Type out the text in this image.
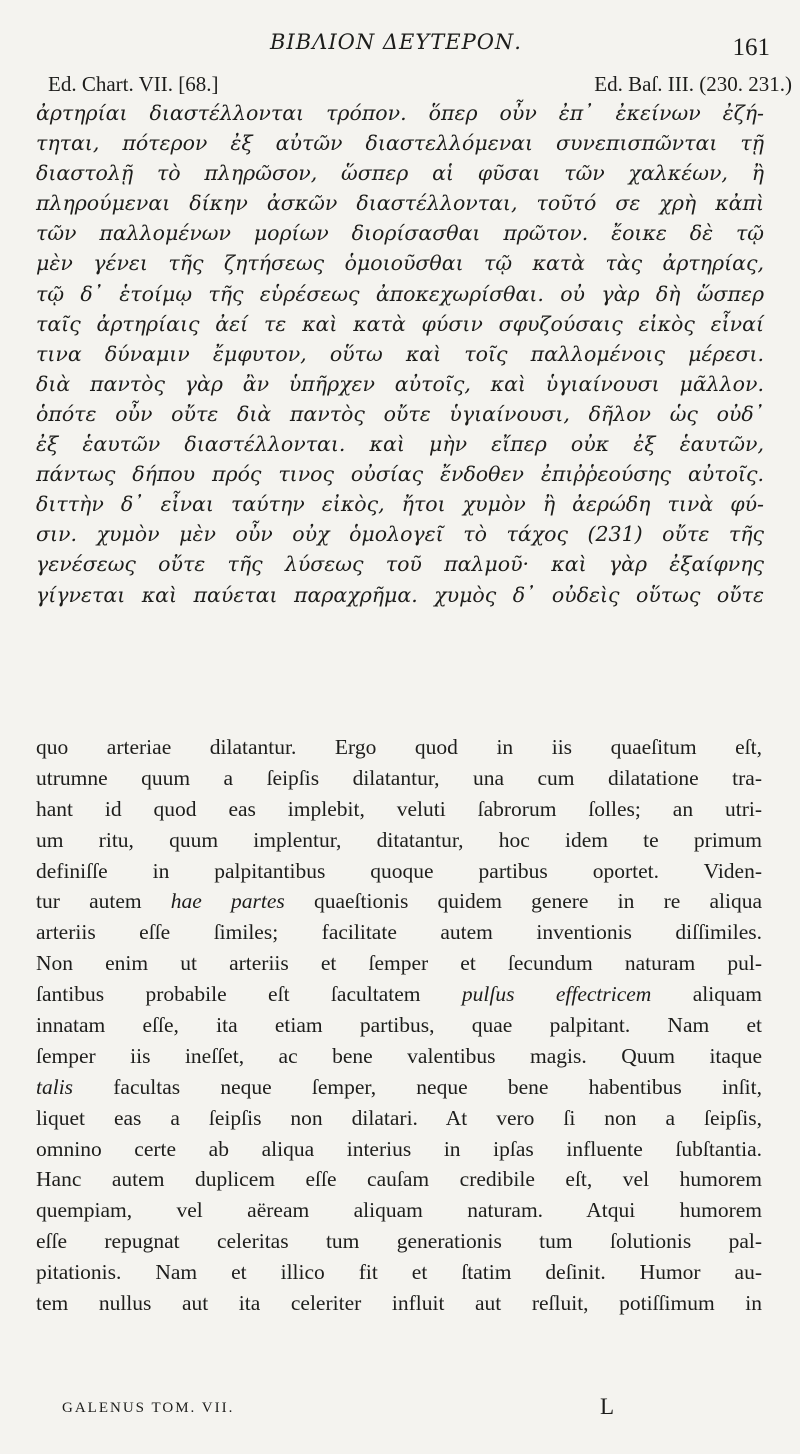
ΒΙΒΛΙΟΝ ΔΕΥΤΕΡΟΝ.	161
Ed. Chart. VII. [68.]	Ed. Baſ. III. (230. 231.)
ἀρτηρίαι διαστέλλονται τρόπον. ὅπερ οὖν ἐπ᾿ ἐκείνων ἐζή-
τηται, πότερον ἐξ αὐτῶν διαστελλόμεναι συνεπισπῶνται τῇ
διαστολῇ τὸ πληρῶσον, ὥσπερ αἱ φῦσαι τῶν χαλκέων, ἢ
πληρούμεναι δίκην ἀσκῶν διαστέλλονται, τοῦτό σε χρὴ κἀπὶ
τῶν παλλομένων μορίων διορίσασθαι πρῶτον. ἔοικε δὲ τῷ
μὲν γένει τῆς ζητήσεως ὁμοιοῦσθαι τῷ κατὰ τὰς ἀρτηρίας,
τῷ δ᾿ ἑτοίμῳ τῆς εὑρέσεως ἀποκεχωρίσθαι. οὐ γὰρ δὴ ὥσπερ
ταῖς ἀρτηρίαις ἀεί τε καὶ κατὰ φύσιν σφυζούσαις εἰκὸς εἶναί
τινα δύναμιν ἔμφυτον, οὕτω καὶ τοῖς παλλομένοις μέρεσι.
διὰ παντὸς γὰρ ἂν ὑπῆρχεν αὐτοῖς, καὶ ὑγιαίνουσι μᾶλλον.
ὁπότε οὖν οὔτε διὰ παντὸς οὔτε ὑγιαίνουσι, δῆλον ὡς οὐδ᾿
ἐξ ἑαυτῶν διαστέλλονται. καὶ μὴν εἴπερ οὐκ ἐξ ἑαυτῶν,
πάντως δήπου πρός τινος οὐσίας ἔνδοθεν ἐπιῤῥεούσης αὐτοῖς.
διττὴν δ᾿ εἶναι ταύτην εἰκὸς, ἤτοι χυμὸν ἢ ἀερώδη τινὰ φύ-
σιν. χυμὸν μὲν οὖν οὐχ ὁμολογεῖ τὸ τάχος (231) οὔτε τῆς
γενέσεως οὔτε τῆς λύσεως τοῦ παλμοῦ· καὶ γὰρ ἐξαίφνης
γίγνεται καὶ παύεται παραχρῆμα. χυμὸς δ᾿ οὐδεὶς οὕτως οὔτε
quo arteriae dilatantur. Ergo quod in iis quaeſitum eſt,
utrumne quum a ſeipſis dilatantur, una cum dilatatione tra-
hant id quod eas implebit, veluti ſabrorum ſolles; an utri-
um ritu, quum implentur, ditatantur, hoc idem te primum
definiſſe in palpitantibus quoque partibus oportet. Viden-
tur autem hae partes quaeſtionis quidem genere in re aliqua
arteriis eſſe ſimiles; facilitate autem inventionis diſſimiles.
Non enim ut arteriis et ſemper et ſecundum naturam pul-
ſantibus probabile eſt ſacultatem pulſus effectricem aliquam
innatam eſſe, ita etiam partibus, quae palpitant. Nam et
ſemper iis ineſſet, ac bene valentibus magis. Quum itaque
talis facultas neque ſemper, neque bene habentibus inſit,
liquet eas a ſeipſis non dilatari. At vero ſi non a ſeipſis,
omnino certe ab aliqua interius in ipſas influente ſubſtantia.
Hanc autem duplicem eſſe cauſam credibile eſt, vel humorem
quempiam, vel aëream aliquam naturam. Atqui humorem
eſſe repugnat celeritas tum generationis tum ſolutionis pal-
pitationis. Nam et illico fit et ſtatim deſinit. Humor au-
tem nullus aut ita celeriter influit aut reſluit, potiſſimum in
GALENUS TOM. VII.	L
